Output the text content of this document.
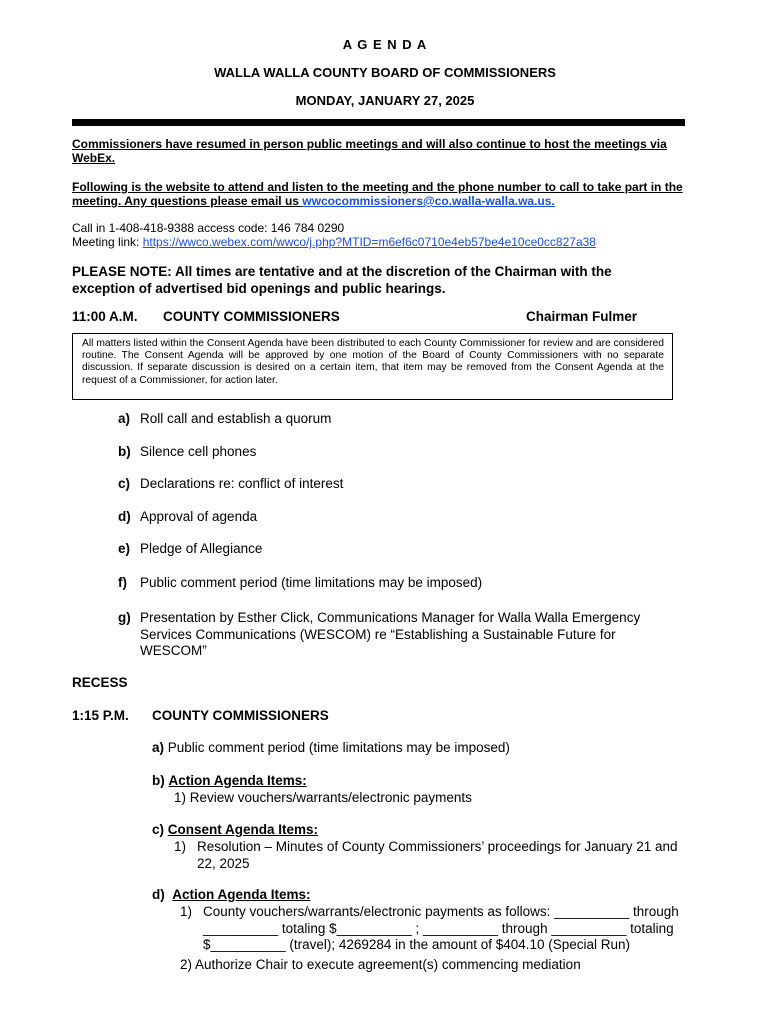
A G E N D A
WALLA WALLA COUNTY BOARD OF COMMISSIONERS
MONDAY, JANUARY 27, 2025
Commissioners have resumed in person public meetings and will also continue to host the meetings via WebEx.
Following is the website to attend and listen to the meeting and the phone number to call to take part in the meeting. Any questions please email us wwcocommissioners@co.walla-walla.wa.us.
Call in 1-408-418-9388 access code: 146 784 0290
Meeting link: https://wwco.webex.com/wwco/j.php?MTID=m6ef6c0710e4eb57be4e10ce0cc827a38
PLEASE NOTE: All times are tentative and at the discretion of the Chairman with the exception of advertised bid openings and public hearings.
11:00 A.M. COUNTY COMMISSIONERS	Chairman Fulmer
All matters listed within the Consent Agenda have been distributed to each County Commissioner for review and are considered routine. The Consent Agenda will be approved by one motion of the Board of County Commissioners with no separate discussion. If separate discussion is desired on a certain item, that item may be removed from the Consent Agenda at the request of a Commissioner, for action later.
a) Roll call and establish a quorum
b) Silence cell phones
c) Declarations re: conflict of interest
d) Approval of agenda
e) Pledge of Allegiance
f) Public comment period (time limitations may be imposed)
g) Presentation by Esther Click, Communications Manager for Walla Walla Emergency Services Communications (WESCOM) re “Establishing a Sustainable Future for WESCOM”
RECESS
1:15 P.M. COUNTY COMMISSIONERS
a) Public comment period (time limitations may be imposed)
b) Action Agenda Items:
1) Review vouchers/warrants/electronic payments
c) Consent Agenda Items:
1) Resolution – Minutes of County Commissioners’ proceedings for January 21 and 22, 2025
d) Action Agenda Items:
1) County vouchers/warrants/electronic payments as follows: __________ through __________ totaling $__________ ; __________ through __________ totaling $__________ (travel); 4269284 in the amount of $404.10 (Special Run)
2) Authorize Chair to execute agreement(s) commencing mediation
